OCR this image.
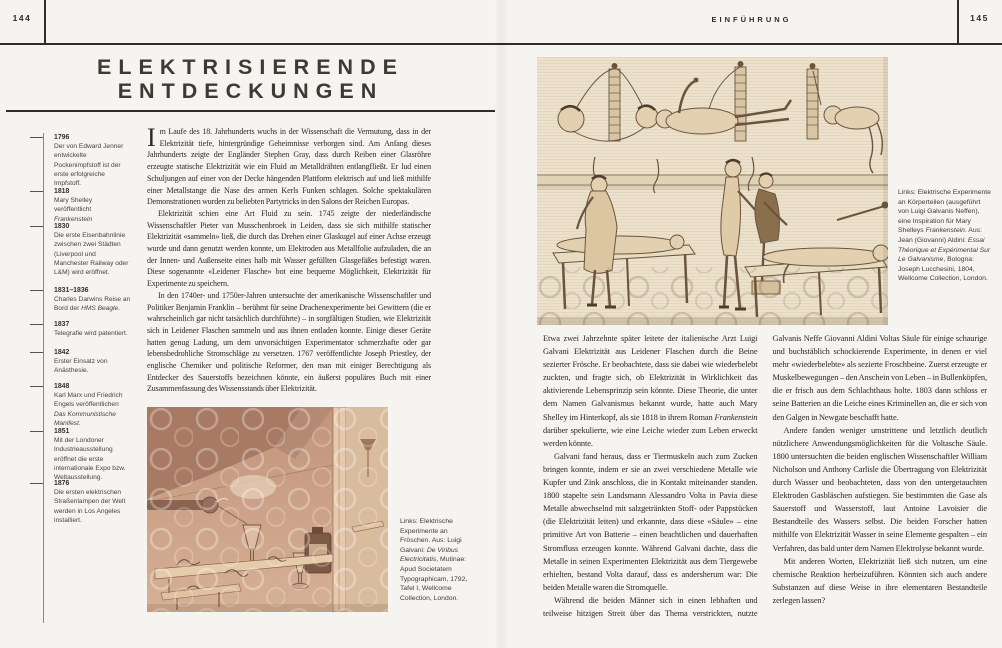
144
ELEKTRISIERENDE
ENTDECKUNGEN
1796
Der von Edward Jenner entwickelte Pockenimpfstoff ist der erste erfolgreiche Impfstoff.
1818
Mary Shelley veröffentlicht Frankenstein
1830
Die erste Eisenbahnlinie zwischen zwei Städten (Liverpool und Manchester Railway oder L&M) wird eröffnet.
1831–1836
Charles Darwins Reise an Bord der HMS Beagle.
1837
Telegrafie wird patentiert.
1842
Erster Einsatz von Anästhesie.
1848
Karl Marx und Friedrich Engels veröffentlichen Das Kommunistische Manifest.
1851
Mit der Londoner Industrieausstellung eröffnet die erste internationale Expo bzw. Weltausstellung.
1876
Die ersten elektrischen Straßenlampen der Welt werden in Los Angeles installiert.

Im Laufe des 18. Jahrhunderts wuchs in der Wissenschaft die Vermutung, dass in der Elektrizität tiefe, hintergründige Geheimnisse verborgen sind. Am Anfang dieses Jahrhunderts zeigte der Engländer Stephen Gray, dass durch Reiben einer Glasröhre erzeugte statische Elektrizität wie ein Fluid an Metalldrähten entlangfließt. Er lud einen Schuljungen auf einer von der Decke hängenden Plattform elektrisch auf und ließ mithilfe einer Metallstange die Nase des armen Kerls Funken schlagen. Solche spektakulären Demonstrationen wurden zu beliebten Partytricks in den Salons der Reichen Europas.

Elektrizität schien eine Art Fluid zu sein. 1745 zeigte der niederländische Wissenschaftler Pieter van Musschenbroek in Leiden, dass sie sich mithilfe statischer Elektrizität «sammeln» ließ, die durch das Drehen einer Glaskugel auf einer Achse erzeugt wurde und dann genutzt werden konnte, um Elektroden aus Metallfolie aufzuladen, die an der Innen- und Außenseite eines halb mit Wasser gefüllten Glasgefäßes befestigt waren. Diese sogenannte «Leidener Flasche» bot eine bequeme Möglichkeit, Elektrizität für Experimente zu speichern.

In den 1740er- und 1750er-Jahren untersuchte der amerikanische Wissenschaftler und Politiker Benjamin Franklin – berühmt für seine Drachenexperimente bei Gewittern (die er wahrscheinlich gar nicht tatsächlich durchführte) – in sorgfältigen Studien, wie Elektrizität sich in Leidener Flaschen sammeln und aus ihnen entladen konnte. Einige dieser Geräte hatten genug Ladung, um dem unvorsichtigen Experimentator schmerzhafte oder gar lebensbedrohliche Stromschläge zu versetzen. 1767 veröffentlichte Joseph Priestley, der englische Chemiker und politische Reformer, den man mit einiger Berechtigung als Entdecker des Sauerstoffs bezeichnen könnte, ein äußerst populäres Buch mit einer Zusammenfassung des Wissensstands über Elektrizität.

Links: Elektrische Experimente an Fröschen. Aus: Luigi Galvani: De Viribus Electricitatis, Mutinae: Apud Societatem Typographicam, 1792, Tafel I, Wellcome Collection, London.
EINFÜHRUNG	145
Links: Elektrische Experimente an Körperteilen (ausgeführt von Luigi Galvanis Neffen), eine Inspiration für Mary Shelleys Frankenstein. Aus: Jean (Giovanni) Aldini: Essai Théorique et Expérimental Sur Le Galvanisme, Bologna: Joseph Lucchesini, 1804, Wellcome Collection, London.

Etwa zwei Jahrzehnte später leitete der italienische Arzt Luigi Galvani Elektrizität aus Leidener Flaschen durch die Beine sezierter Frösche. Er beobachtete, dass sie dabei wie wiederbelebt zuckten, und fragte sich, ob Elektrizität in Wirklichkeit das aktivierende Lebensprinzip sein könnte. Diese Theorie, die unter dem Namen Galvanismus bekannt wurde, hatte auch Mary Shelley im Hinterkopf, als sie 1818 in ihrem Roman Frankenstein darüber spekulierte, wie eine Leiche wieder zum Leben erweckt werden könnte.

Galvani fand heraus, dass er Tiermuskeln auch zum Zucken bringen konnte, indem er sie an zwei verschiedene Metalle wie Kupfer und Zink anschloss, die in Kontakt miteinander standen. 1800 stapelte sein Landsmann Alessandro Volta in Pavia diese Metalle abwechselnd mit salzgetränkten Stoff- oder Pappstücken (die Elektrizität leiten) und erkannte, dass diese «Säule» – eine primitive Art von Batterie – einen beachtlichen und dauerhaften Stromfluss erzeugen konnte. Während Galvani dachte, dass die Metalle in seinen Experimenten Elektrizität aus dem Tiergewebe erhielten, bestand Volta darauf, dass es andersherum war: Die beiden Metalle waren die Stromquelle.

Während die beiden Männer sich in einen lebhaften und teilweise hitzigen Streit über das Thema verstrickten, nutzte Galvanis Neffe Giovanni Aldini Voltas Säule für einige schaurige und buchstäblich schockierende Experimente, in denen er viel mehr «wiederbelebte» als sezierte Froschbeine. Zuerst erzeugte er Muskelbewegungen – den Anschein von Leben – in Bullenköpfen, die er frisch aus dem Schlachthaus holte. 1803 dann schloss er seine Batterien an die Leiche eines Kriminellen an, die er sich von den Galgen in Newgate beschafft hatte.

Andere fanden weniger umstrittene und letztlich deutlich nützlichere Anwendungsmöglichkeiten für die Voltasche Säule. 1800 untersuchten die beiden englischen Wissenschaftler William Nicholson und Anthony Carlisle die Übertragung von Elektrizität durch Wasser und beobachteten, dass von den untergetauchten Elektroden Gasbläschen aufstiegen. Sie bestimmten die Gase als Sauerstoff und Wasserstoff, laut Antoine Lavoisier die Bestandteile des Wassers selbst. Die beiden Forscher hatten mithilfe von Elektrizität Wasser in seine Elemente gespalten – ein Verfahren, das bald unter dem Namen Elektrolyse bekannt wurde.

Mit anderen Worten, Elektrizität ließ sich nutzen, um eine chemische Reaktion herbeizuführen. Könnten sich auch andere Substanzen auf diese Weise in ihre elementaren Bestandteile zerlegen lassen?
